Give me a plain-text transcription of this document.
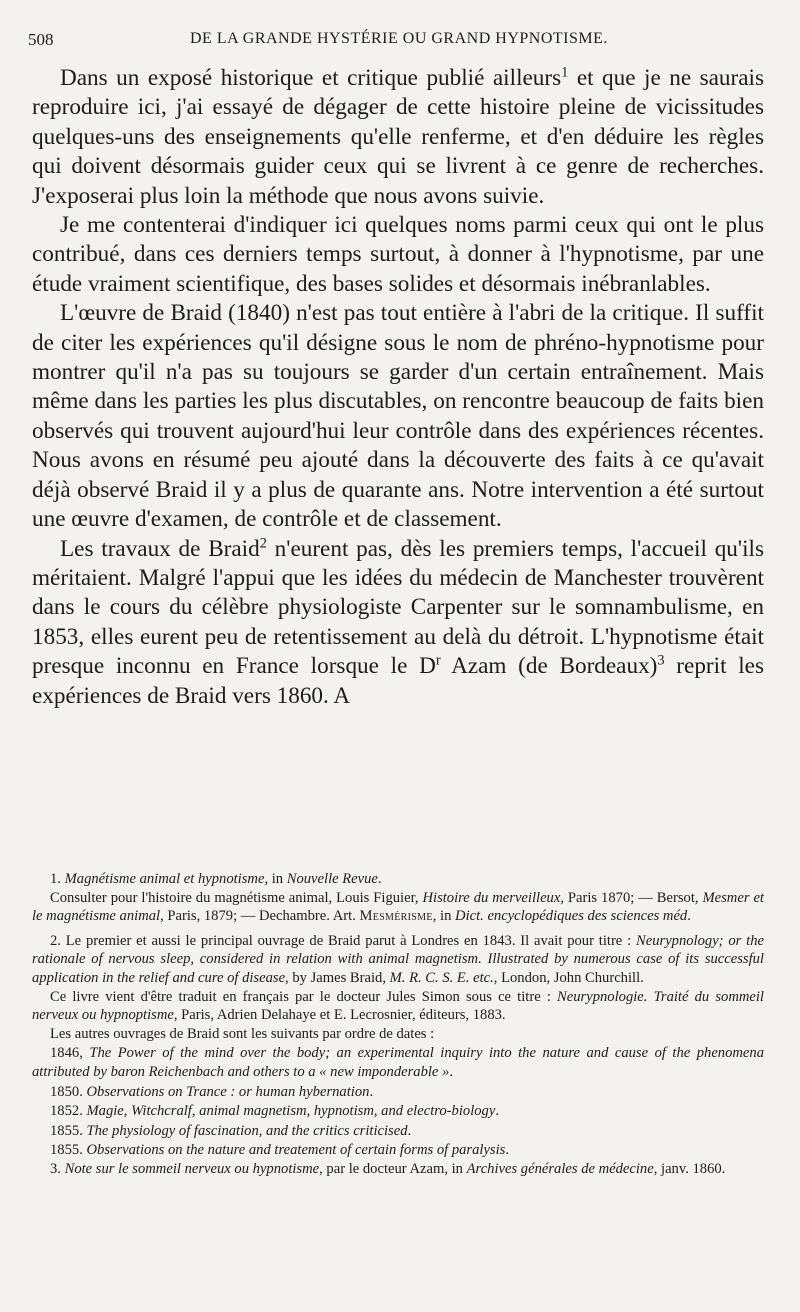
508	DE LA GRANDE HYSTÉRIE OU GRAND HYPNOTISME.

Dans un exposé historique et critique publié ailleurs$^1$ et que je ne saurais reproduire ici, j'ai essayé de dégager de cette histoire pleine de vicissitudes quelques-uns des enseignements qu'elle renferme, et d'en déduire les règles qui doivent désormais guider ceux qui se livrent à ce genre de recherches. J'exposerai plus loin la méthode que nous avons suivie.

Je me contenterai d'indiquer ici quelques noms parmi ceux qui ont le plus contribué, dans ces derniers temps surtout, à donner à l'hypnotisme, par une étude vraiment scientifique, des bases solides et désormais inébranlables.

L'œuvre de Braid (1840) n'est pas tout entière à l'abri de la critique. Il suffit de citer les expériences qu'il désigne sous le nom de phréno-hypnotisme pour montrer qu'il n'a pas su toujours se garder d'un certain entraînement. Mais même dans les parties les plus discutables, on rencontre beaucoup de faits bien observés qui trouvent aujourd'hui leur contrôle dans des expériences récentes. Nous avons en résumé peu ajouté dans la découverte des faits à ce qu'avait déjà observé Braid il y a plus de quarante ans. Notre intervention a été surtout une œuvre d'examen, de contrôle et de classement.

Les travaux de Braid$^2$ n'eurent pas, dès les premiers temps, l'accueil qu'ils méritaient. Malgré l'appui que les idées du médecin de Manchester trouvèrent dans le cours du célèbre physiologiste Carpenter sur le somnambulisme, en 1853, elles eurent peu de retentissement au delà du détroit. L'hypnotisme était presque inconnu en France lorsque le $D^r$ Azam (de Bordeaux)$^3$ reprit les expériences de Braid vers 1860. A

1. Magnétisme animal et hypnotisme, in Nouvelle Revue.

Consulter pour l'histoire du magnétisme animal, Louis Figuier, Histoire du merveilleux, Paris 1870; — Bersot, Mesmer et le magnétisme animal, Paris, 1879; — Dechambre. Art. Mesmérisme, in Dict. encyclopédiques des sciences méd.

2. Le premier et aussi le principal ouvrage de Braid parut à Londres en 1843. Il avait pour titre : Neurypnology; or the rationale of nervous sleep, considered in relation with animal magnetism. Illustrated by numerous case of its successful application in the relief and cure of disease, by James Braid, M. R. C. S. E. etc., London, John Churchill.

Ce livre vient d'être traduit en français par le docteur Jules Simon sous ce titre : Neurypnologie. Traité du sommeil nerveux ou hypnoptisme, Paris, Adrien Delahaye et E. Lecrosnier, éditeurs, 1883.

Les autres ouvrages de Braid sont les suivants par ordre de dates :

1846, The Power of the mind over the body; an experimental inquiry into the nature and cause of the phenomena attributed by baron Reichenbach and others to a « new imponderable ».

1850. Observations on Trance : or human hybernation.

1852. Magie, Witchcralf, animal magnetism, hypnotism, and electro-biology.

1855. The physiology of fascination, and the critics criticised.

1855. Observations on the nature and treatement of certain forms of paralysis.

3. Note sur le sommeil nerveux ou hypnotisme, par le docteur Azam, in Archives générales de médecine, janv. 1860.
